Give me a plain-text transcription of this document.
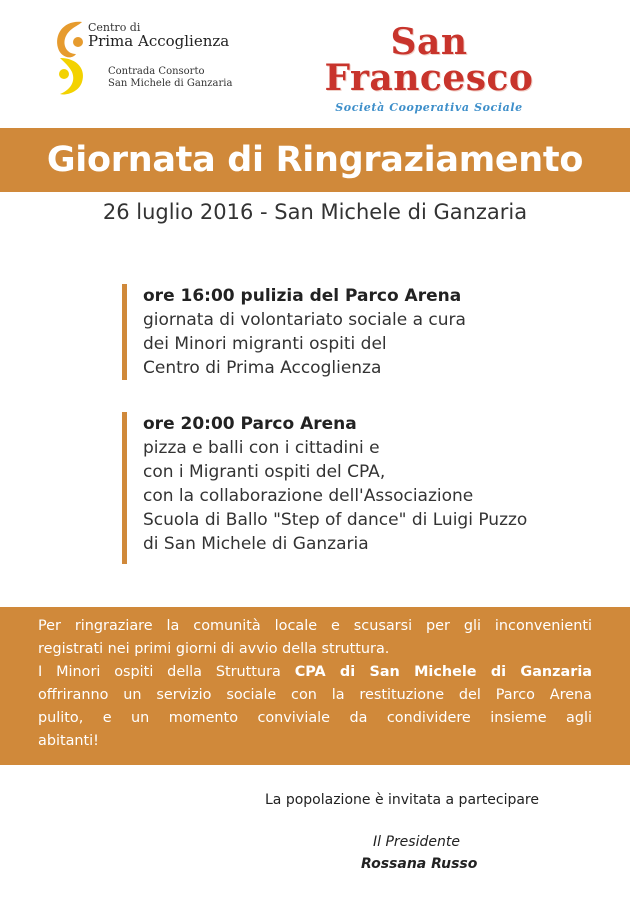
Centro di
Prima Accoglienza
Contrada Consorto
San Michele di Ganzaria
San Francesco
Società Cooperativa Sociale
Giornata di Ringraziamento
26 luglio 2016 - San Michele di Ganzaria
ore 16:00 pulizia del Parco Arena
giornata di volontariato sociale a cura
dei Minori migranti ospiti del
Centro di Prima Accoglienza
ore 20:00 Parco Arena
pizza e balli con i cittadini e
con i Migranti ospiti del CPA,
con la collaborazione dell'Associazione
Scuola di Ballo "Step of dance" di Luigi Puzzo
di San Michele di Ganzaria
Per ringraziare la comunità locale e scusarsi per gli inconvenienti
registrati nei primi giorni di avvio della struttura.
I Minori ospiti della Struttura CPA di San Michele di Ganzaria
offriranno un servizio sociale con la restituzione del Parco Arena
pulito, e un momento conviviale da condividere insieme agli
abitanti!
La popolazione è invitata a partecipare
Il Presidente
Rossana Russo
